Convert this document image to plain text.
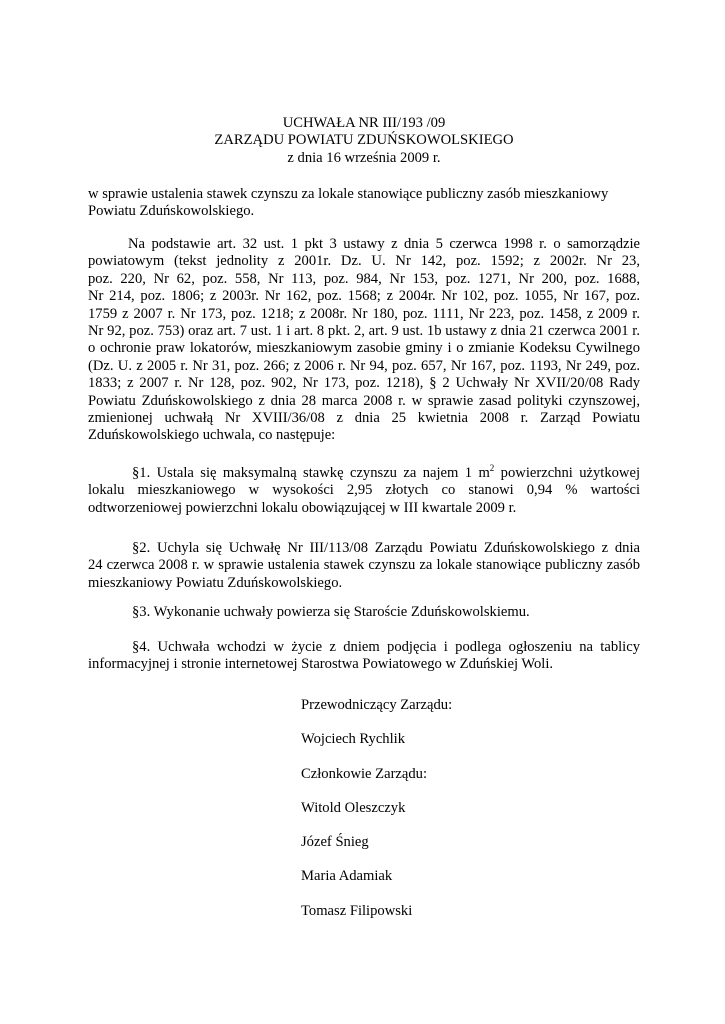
UCHWAŁA NR III/193 /09
ZARZĄDU POWIATU ZDUŃSKOWOLSKIEGO
z dnia 16 września 2009 r.
w sprawie ustalenia stawek czynszu za lokale stanowiące publiczny zasób mieszkaniowy
Powiatu Zduńskowolskiego.
Na podstawie art. 32 ust. 1 pkt 3 ustawy z dnia 5 czerwca 1998 r. o samorządzie
powiatowym (tekst jednolity z 2001r. Dz. U. Nr 142, poz. 1592; z 2002r. Nr 23,
poz. 220, Nr 62, poz. 558, Nr 113, poz. 984, Nr 153, poz. 1271, Nr 200, poz. 1688,
Nr 214, poz. 1806; z 2003r. Nr 162, poz. 1568; z 2004r. Nr 102, poz. 1055, Nr 167, poz.
1759 z 2007 r. Nr 173, poz. 1218; z 2008r. Nr 180, poz. 1111, Nr 223, poz. 1458, z 2009 r.
Nr 92, poz. 753) oraz art. 7 ust. 1 i art. 8 pkt. 2, art. 9 ust. 1b ustawy z dnia 21 czerwca 2001 r.
o ochronie praw lokatorów, mieszkaniowym zasobie gminy i o zmianie Kodeksu Cywilnego
(Dz. U. z 2005 r. Nr 31, poz. 266; z 2006 r. Nr 94, poz. 657, Nr 167, poz. 1193, Nr 249, poz.
1833; z 2007 r. Nr 128, poz. 902, Nr 173, poz. 1218), § 2 Uchwały Nr XVII/20/08 Rady
Powiatu Zduńskowolskiego z dnia 28 marca 2008 r. w sprawie zasad polityki czynszowej,
zmienionej uchwałą Nr XVIII/36/08 z dnia 25 kwietnia 2008 r. Zarząd Powiatu
Zduńskowolskiego uchwala, co następuje:
§1. Ustala się maksymalną stawkę czynszu za najem 1 $m^2$ powierzchni użytkowej
lokalu mieszkaniowego w wysokości 2,95 złotych co stanowi 0,94 % wartości
odtworzeniowej powierzchni lokalu obowiązującej w III kwartale 2009 r.
§2. Uchyla się Uchwałę Nr III/113/08 Zarządu Powiatu Zduńskowolskiego z dnia
24 czerwca 2008 r. w sprawie ustalenia stawek czynszu za lokale stanowiące publiczny zasób
mieszkaniowy Powiatu Zduńskowolskiego.
§3. Wykonanie uchwały powierza się Staroście Zduńskowolskiemu.
§4. Uchwała wchodzi w życie z dniem podjęcia i podlega ogłoszeniu na tablicy
informacyjnej i stronie internetowej Starostwa Powiatowego w Zduńskiej Woli.
Przewodniczący Zarządu:
Wojciech Rychlik
Członkowie Zarządu:
Witold Oleszczyk
Józef Śnieg
Maria Adamiak
Tomasz Filipowski
